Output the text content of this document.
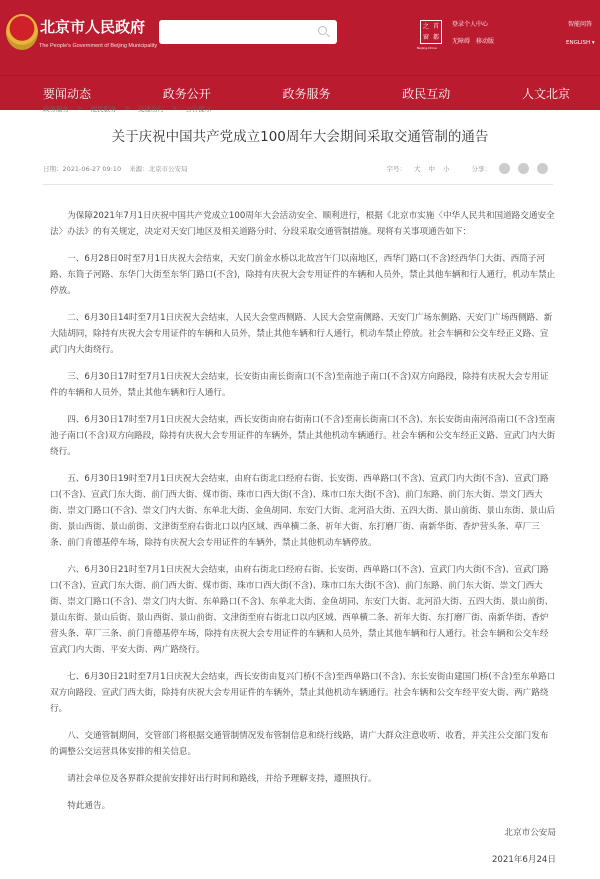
北京市人民政府
The People's Government of Beijing Municipality
之 首
窗 都
Beijing·China
登录个人中心	智能问答
无障碍 移动版	ENGLISH ▾
要闻动态	政务公开	政务服务	政民互动	人文北京
政务服务 > 便民服务 > 交通出行 > 公告提示
关于庆祝中国共产党成立100周年大会期间采取交通管制的通告
日期：2021-06-27 09:10 来源：北京市公安局	字号： 大 中 小	分享：

为保障2021年7月1日庆祝中国共产党成立100周年大会活动安全、顺利进行，根据《北京市实施〈中华人民共和国道路交通安全法〉办法》的有关规定，决定对天安门地区及相关道路分时、分段采取交通管制措施。现将有关事项通告如下：

一、6月28日0时至7月1日庆祝大会结束，天安门前金水桥以北故宫午门以南地区，西华门路口(不含)经西华门大街、西筒子河路、东筒子河路、东华门大街至东华门路口(不含)，除持有庆祝大会专用证件的车辆和人员外，禁止其他车辆和行人通行，机动车禁止停放。

二、6月30日14时至7月1日庆祝大会结束，人民大会堂西侧路、人民大会堂南侧路、天安门广场东侧路、天安门广场西侧路、新大陆胡同，除持有庆祝大会专用证件的车辆和人员外，禁止其他车辆和行人通行，机动车禁止停放。社会车辆和公交车经正义路、宣武门内大街绕行。

三、6月30日17时至7月1日庆祝大会结束，长安街由南长街南口(不含)至南池子南口(不含)双方向路段，除持有庆祝大会专用证件的车辆和人员外，禁止其他车辆和行人通行。

四、6月30日17时至7月1日庆祝大会结束，西长安街由府右街南口(不含)至南长街南口(不含)、东长安街由南河沿南口(不含)至南池子南口(不含)双方向路段，除持有庆祝大会专用证件的车辆外，禁止其他机动车辆通行。社会车辆和公交车经正义路、宣武门内大街绕行。

五、6月30日19时至7月1日庆祝大会结束，由府右街北口经府右街、长安街、西单路口(不含)、宣武门内大街(不含)、宣武门路口(不含)、宣武门东大街、前门西大街、煤市街、珠市口西大街(不含)、珠市口东大街(不含)、前门东路、前门东大街、崇文门西大街、崇文门路口(不含)、崇文门内大街、东单北大街、金鱼胡同、东安门大街、北河沿大街、五四大街、景山前街、景山东街、景山后街、景山西街、景山前街、文津街至府右街北口以内区域、西单横二条、祈年大街、东打磨厂街、南新华街、香炉营头条、草厂三条、前门肯德基停车场，除持有庆祝大会专用证件的车辆外，禁止其他机动车辆停放。

六、6月30日21时至7月1日庆祝大会结束，由府右街北口经府右街、长安街、西单路口(不含)、宣武门内大街(不含)、宣武门路口(不含)、宣武门东大街、前门西大街、煤市街、珠市口西大街(不含)、珠市口东大街(不含)、前门东路、前门东大街、崇文门西大街、崇文门路口(不含)、崇文门内大街、东单路口(不含)、东单北大街、金鱼胡同、东安门大街、北河沿大街、五四大街、景山前街、景山东街、景山后街、景山西街、景山前街、文津街至府右街北口以内区域、西单横二条、祈年大街、东打磨厂街、南新华街、香炉营头条、草厂三条、前门肯德基停车场，除持有庆祝大会专用证件的车辆和人员外，禁止其他车辆和行人通行。社会车辆和公交车经宣武门内大街、平安大街、两广路绕行。

七、6月30日21时至7月1日庆祝大会结束，西长安街由复兴门桥(不含)至西单路口(不含)、东长安街由建国门桥(不含)至东单路口双方向路段、宣武门西大街，除持有庆祝大会专用证件的车辆外，禁止其他机动车辆通行。社会车辆和公交车经平安大街、两广路绕行。

八、交通管制期间，交管部门将根据交通管制情况发布管制信息和绕行线路，请广大群众注意收听、收看，并关注公交部门发布的调整公交运营具体安排的相关信息。

请社会单位及各界群众提前安排好出行时间和路线，并给予理解支持，遵照执行。

特此通告。

北京市公安局

2021年6月24日
